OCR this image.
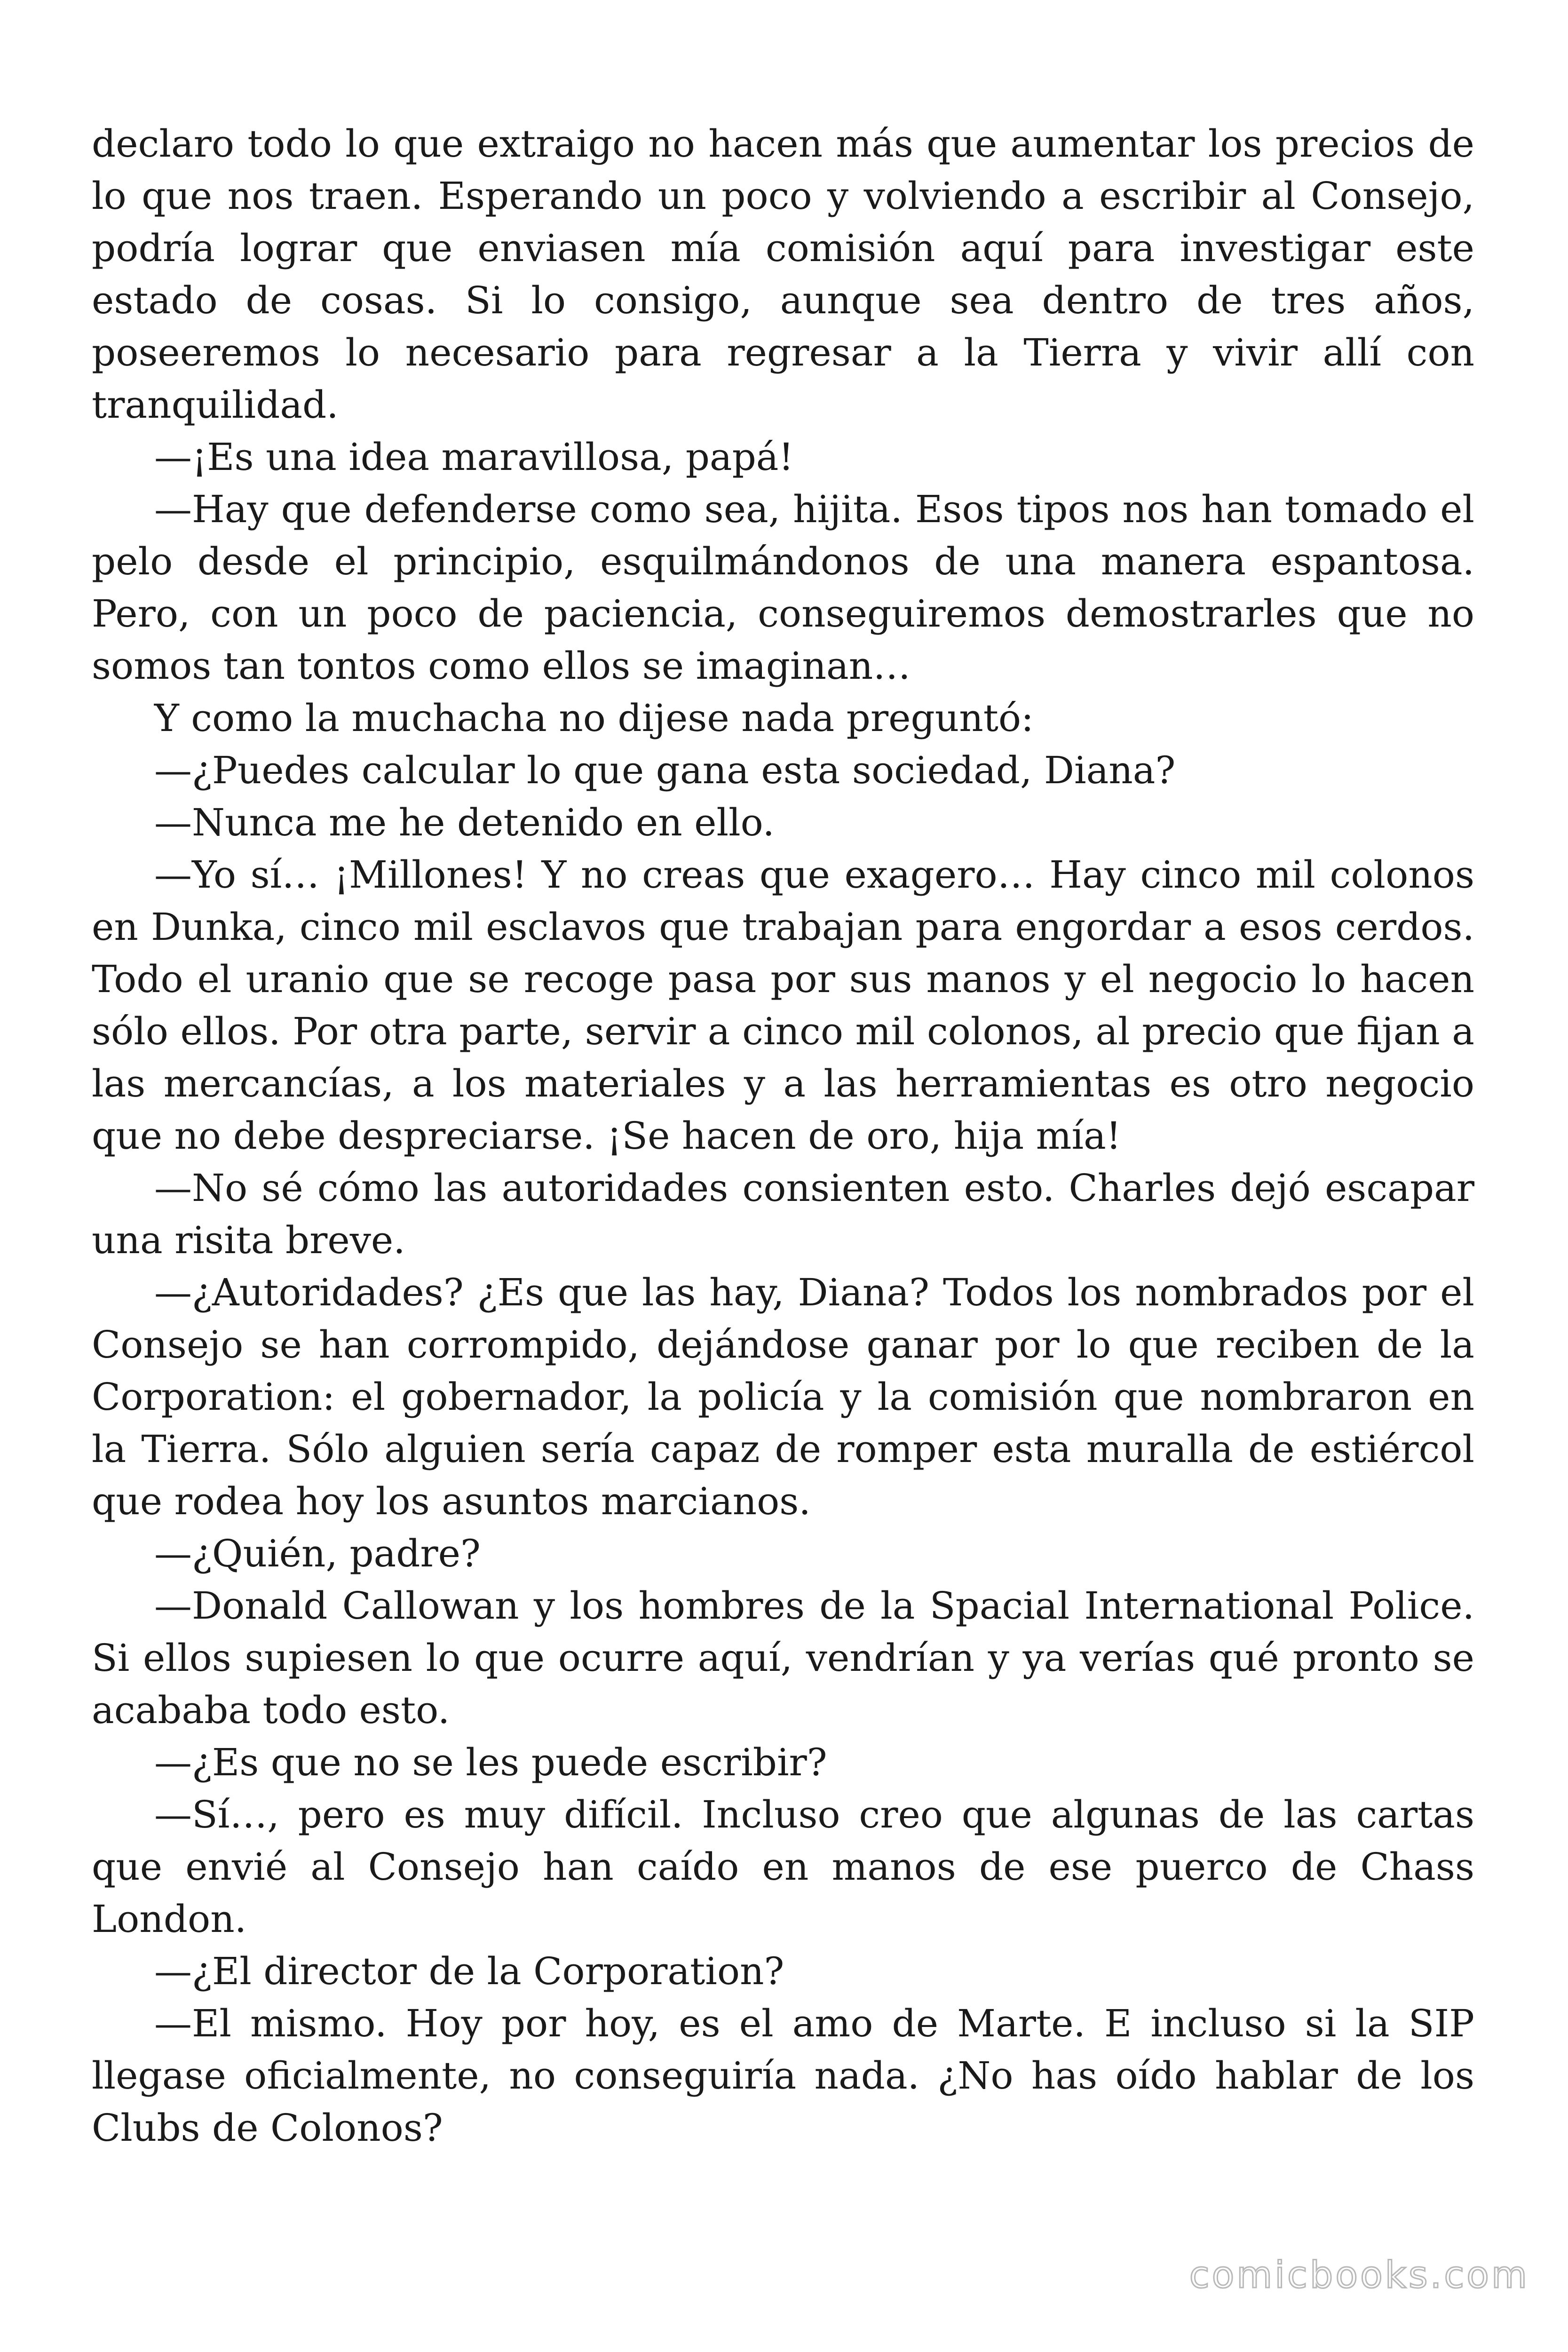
declaro todo lo que extraigo no hacen más que aumentar los precios de lo que nos traen. Esperando un poco y volviendo a escribir al Consejo, podría lograr que enviasen mía comisión aquí para investigar este estado de cosas. Si lo consigo, aunque sea dentro de tres años, poseeremos lo necesario para regresar a la Tierra y vivir allí con tranquilidad.

—¡Es una idea maravillosa, papá!

—Hay que defenderse como sea, hijita. Esos tipos nos han tomado el pelo desde el principio, esquilmándonos de una manera espantosa. Pero, con un poco de paciencia, conseguiremos demostrarles que no somos tan tontos como ellos se imaginan…

Y como la muchacha no dijese nada preguntó:

—¿Puedes calcular lo que gana esta sociedad, Diana?

—Nunca me he detenido en ello.

—Yo sí… ¡Millones! Y no creas que exagero… Hay cinco mil colonos en Dunka, cinco mil esclavos que trabajan para engordar a esos cerdos. Todo el uranio que se recoge pasa por sus manos y el negocio lo hacen sólo ellos. Por otra parte, servir a cinco mil colonos, al precio que fijan a las mercancías, a los materiales y a las herramientas es otro negocio que no debe despreciarse. ¡Se hacen de oro, hija mía!

—No sé cómo las autoridades consienten esto. Charles dejó escapar una risita breve.

—¿Autoridades? ¿Es que las hay, Diana? Todos los nombrados por el Consejo se han corrompido, dejándose ganar por lo que reciben de la Corporation: el gobernador, la policía y la comisión que nombraron en la Tierra. Sólo alguien sería capaz de romper esta muralla de estiércol que rodea hoy los asuntos marcianos.

—¿Quién, padre?

—Donald Callowan y los hombres de la Spacial International Police. Si ellos supiesen lo que ocurre aquí, vendrían y ya verías qué pronto se acababa todo esto.

—¿Es que no se les puede escribir?

—Sí…, pero es muy difícil. Incluso creo que algunas de las cartas que envié al Consejo han caído en manos de ese puerco de Chass London.

—¿El director de la Corporation?

—El mismo. Hoy por hoy, es el amo de Marte. E incluso si la SIP llegase oficialmente, no conseguiría nada. ¿No has oído hablar de los Clubs de Colonos?

comicbooks.com
